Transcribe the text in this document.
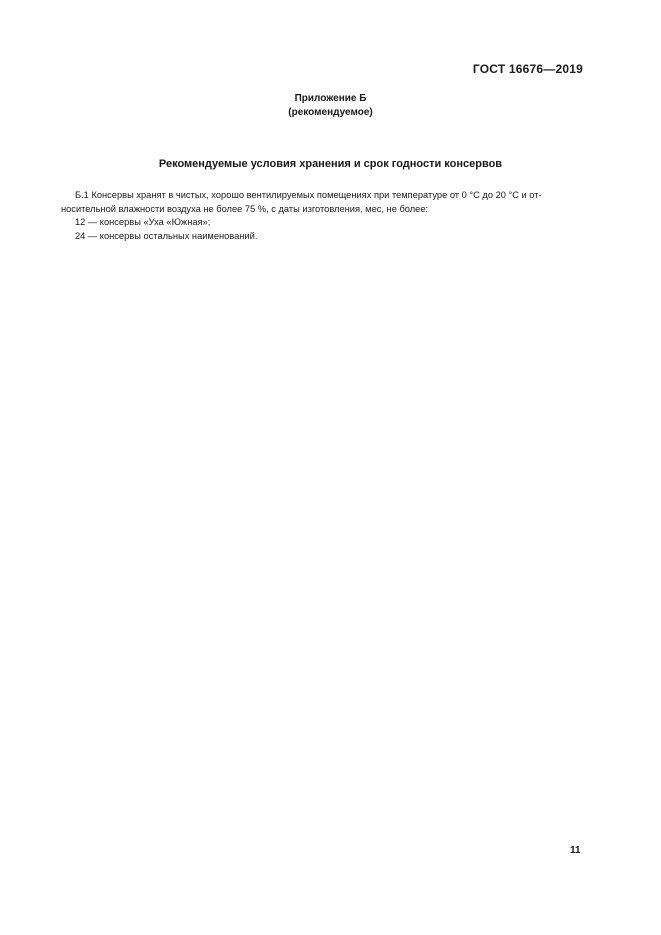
ГОСТ 16676—2019
Приложение Б
(рекомендуемое)
Рекомендуемые условия хранения и срок годности консервов
Б.1 Консервы хранят в чистых, хорошо вентилируемых помещениях при температуре от 0 °С до 20 °С и от-
носительной влажности воздуха не более 75 %, с даты изготовления, мес, не более:
12 — консервы «Уха «Южная»;
24 — консервы остальных наименований.
11
